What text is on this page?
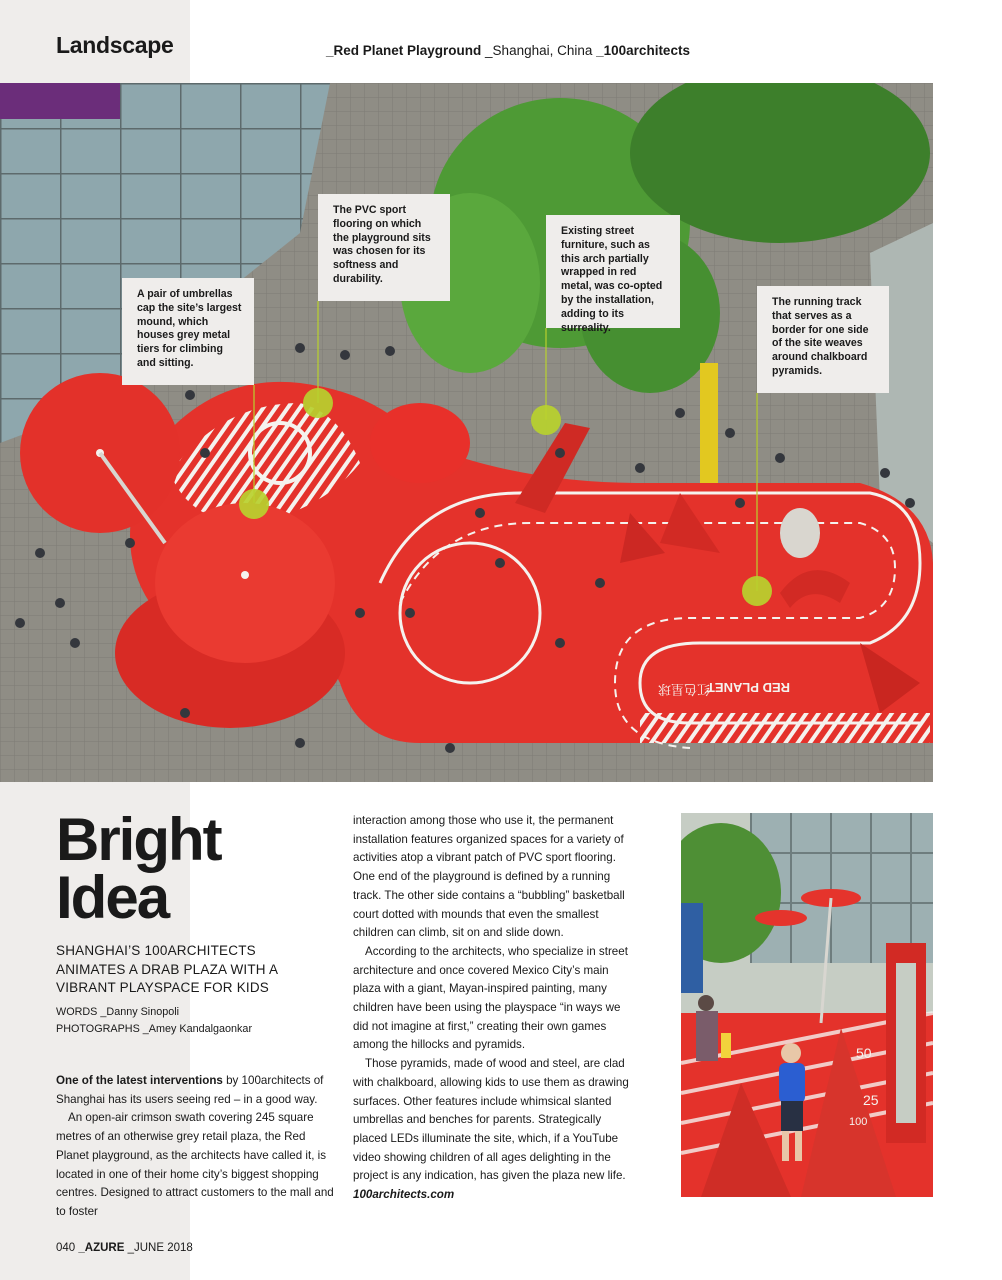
Landscape	_Red Planet Playground _Shanghai, China _100architects
RED PLANET
红色星球
A pair of umbrellas cap the site’s largest mound, which houses grey metal tiers for climbing and sitting.
The PVC sport flooring on which the playground sits was chosen for its softness and durability.
Existing street furniture, such as this arch partially wrapped in red metal, was co-opted by the installation, adding to its surreality.
The running track that serves as a border for one side of the site weaves around chalkboard pyramids.
Bright
Idea
SHANGHAI’S 100ARCHITECTS ANIMATES A DRAB PLAZA WITH A VIBRANT PLAYSPACE FOR KIDS
WORDS _Danny Sinopoli
PHOTOGRAPHS _Amey Kandalgaonkar

One of the latest interventions by 100architects of Shanghai has its users seeing red – in a good way.

An open-air crimson swath covering 245 square metres of an otherwise grey retail plaza, the Red Planet playground, as the architects have called it, is located in one of their home city’s biggest shopping centres. Designed to attract customers to the mall and to foster

interaction among those who use it, the permanent installation features organized spaces for a variety of activities atop a vibrant patch of PVC sport flooring. One end of the playground is defined by a running track. The other side contains a “bubbling” basketball court dotted with mounds that even the smallest children can climb, sit on and slide down.

According to the architects, who specialize in street architecture and once covered Mexico City’s main plaza with a giant, Mayan-inspired painting, many children have been using the playspace “in ways we did not imagine at first,” creating their own games among the hillocks and pyramids.

Those pyramids, made of wood and steel, are clad with chalkboard, allowing kids to use them as drawing surfaces. Other features include whimsical slanted umbrellas and benches for parents. Strategically placed LEDs illuminate the site, which, if a YouTube video showing children of all ages delighting in the project is any indication, has given the plaza new life.

100architects.com

50
25
100
040 _AZURE _JUNE 2018
